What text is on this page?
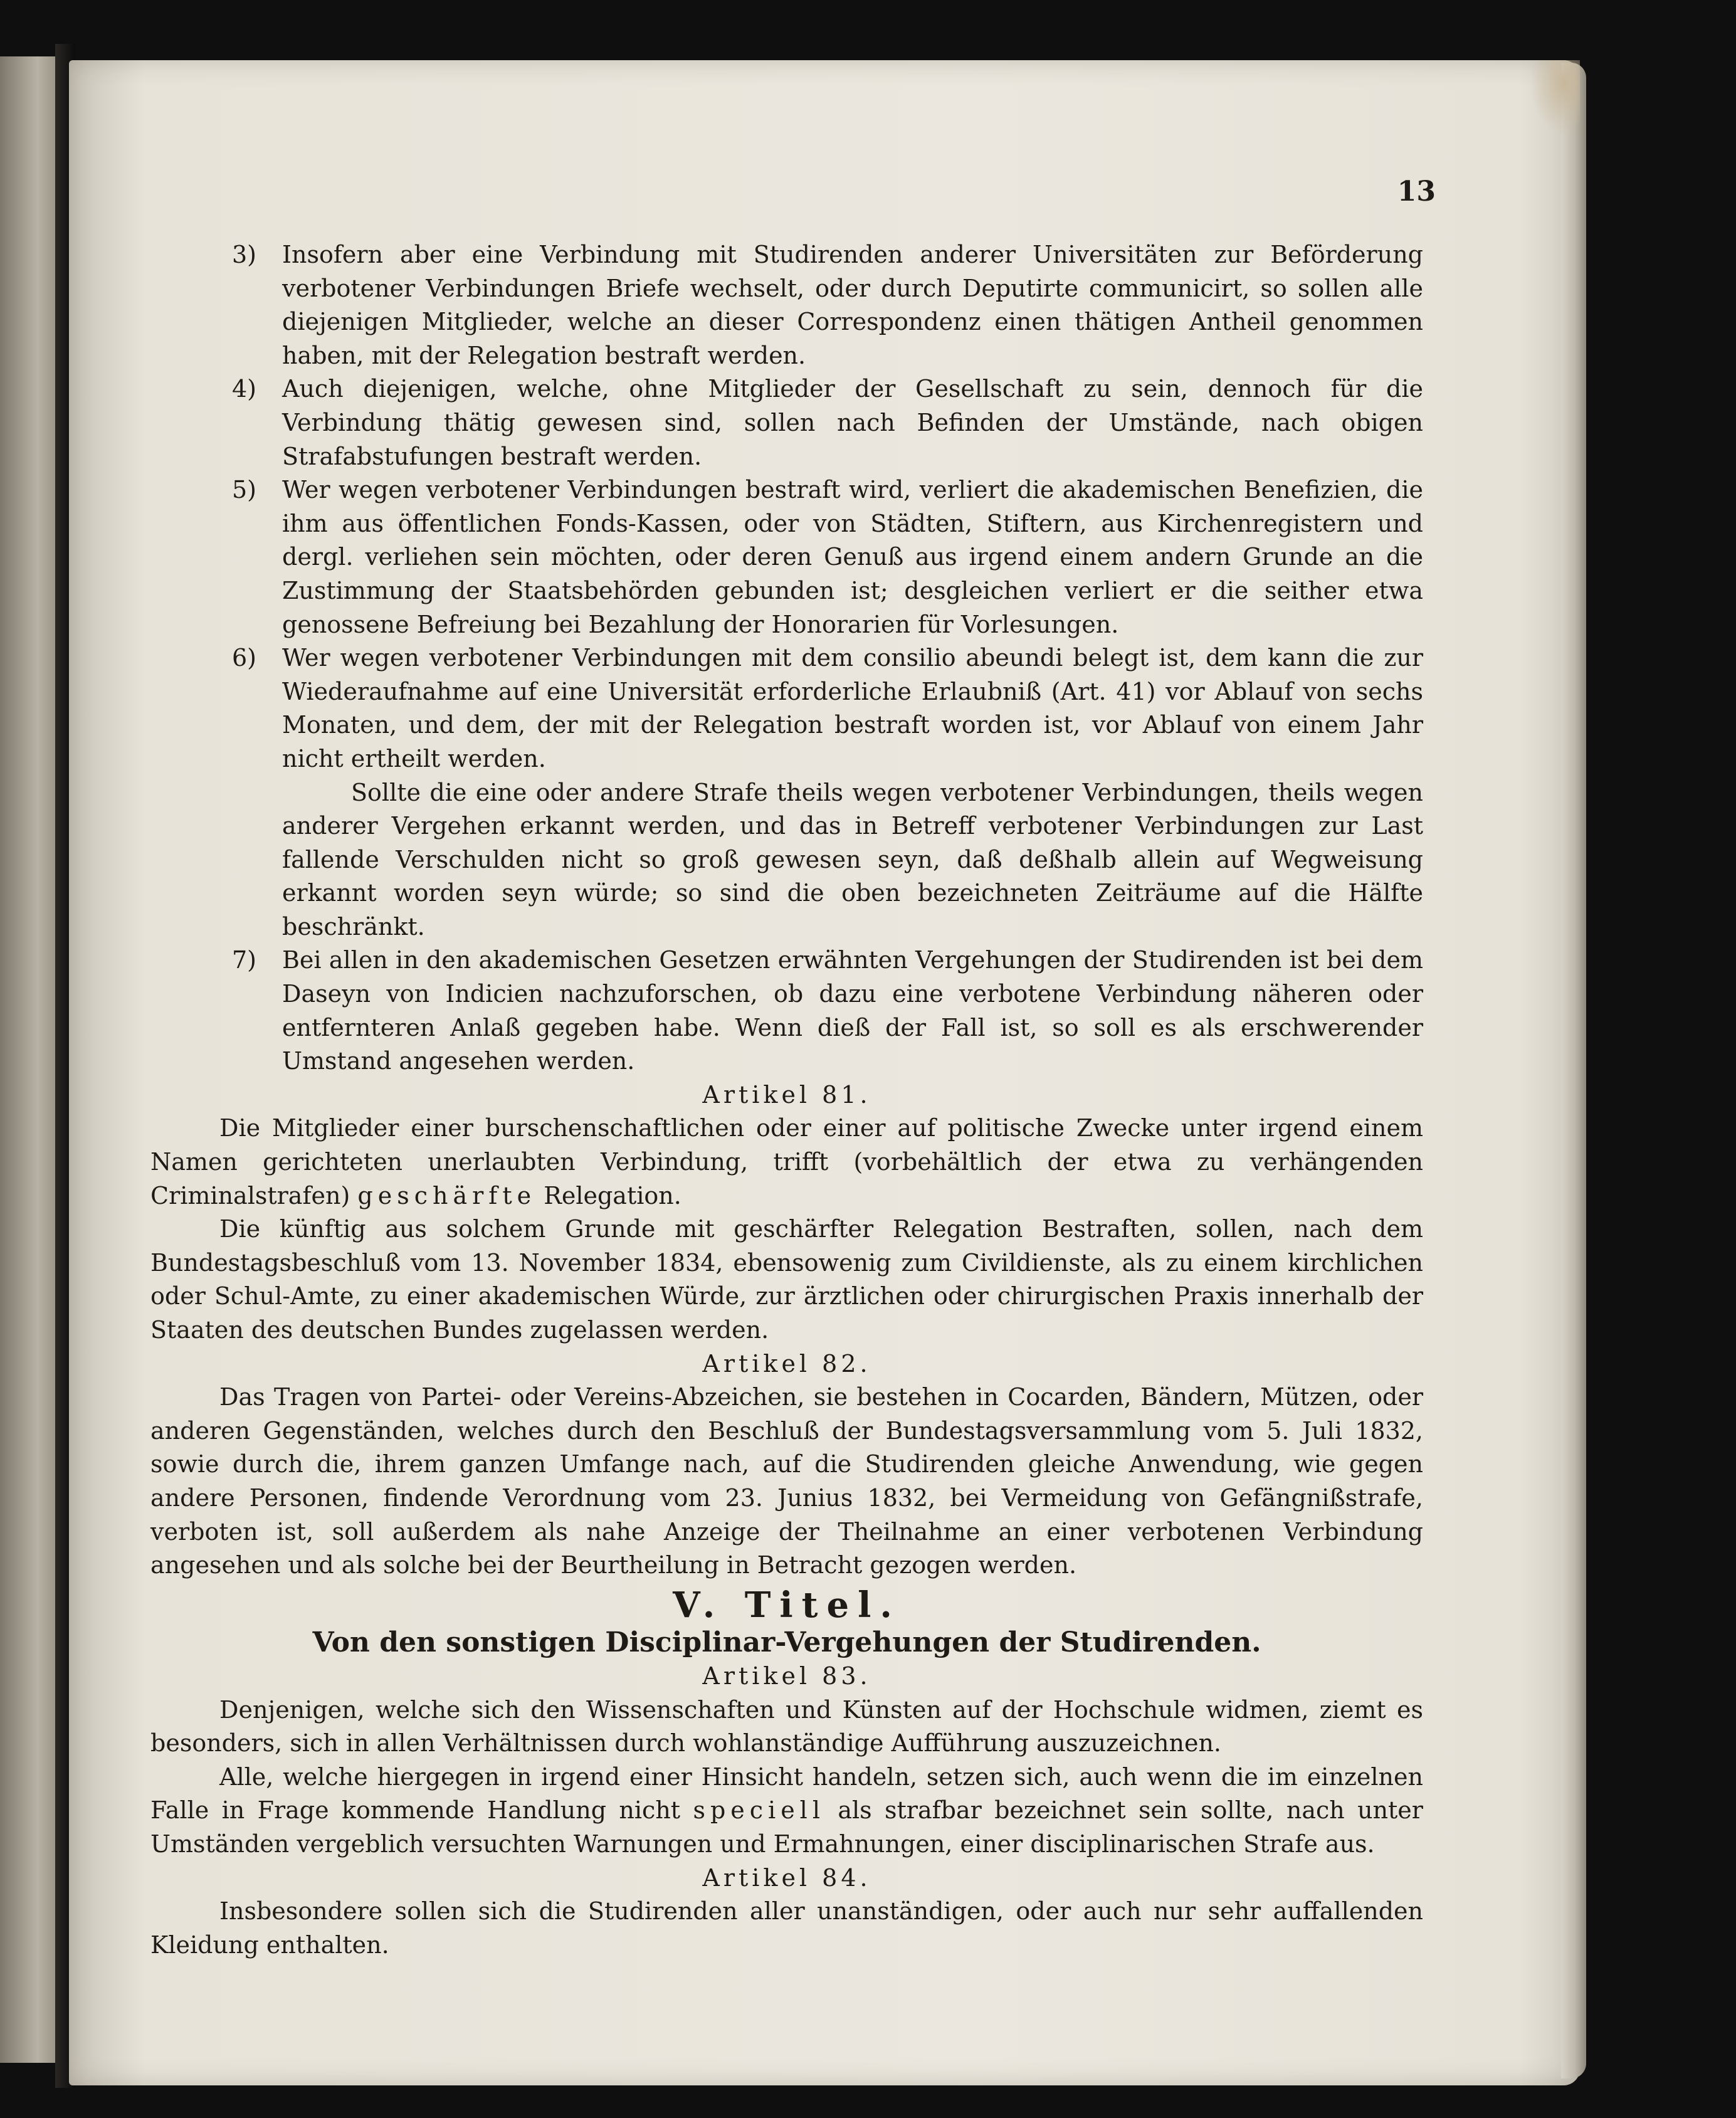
13
3)	Insofern aber eine Verbindung mit Studirenden anderer Universitäten zur Beförderung verbotener Verbindungen Briefe wechselt, oder durch Deputirte communicirt, so sollen alle diejenigen Mitglieder, welche an dieser Correspondenz einen thätigen Antheil genommen haben, mit der Relegation bestraft werden.
4)	Auch diejenigen, welche, ohne Mitglieder der Gesellschaft zu sein, dennoch für die Verbindung thätig gewesen sind, sollen nach Befinden der Umstände, nach obigen Strafabstufungen bestraft werden.
5)	Wer wegen verbotener Verbindungen bestraft wird, verliert die akademischen Benefizien, die ihm aus öffentlichen Fonds-Kassen, oder von Städten, Stiftern, aus Kirchenregistern und dergl. verliehen sein möchten, oder deren Genuß aus irgend einem andern Grunde an die Zustimmung der Staatsbehörden gebunden ist; desgleichen verliert er die seither etwa genossene Befreiung bei Bezahlung der Honorarien für Vorlesungen.
6)	Wer wegen verbotener Verbindungen mit dem consilio abeundi belegt ist, dem kann die zur Wiederaufnahme auf eine Universität erforderliche Erlaubniß (Art. 41) vor Ablauf von sechs Monaten, und dem, der mit der Relegation bestraft worden ist, vor Ablauf von einem Jahr nicht ertheilt werden.
Sollte die eine oder andere Strafe theils wegen verbotener Verbindungen, theils wegen anderer Vergehen erkannt werden, und das in Betreff verbotener Verbindungen zur Last fallende Verschulden nicht so groß gewesen seyn, daß deßhalb allein auf Wegweisung erkannt worden seyn würde; so sind die oben bezeichneten Zeiträume auf die Hälfte beschränkt.
7)	Bei allen in den akademischen Gesetzen erwähnten Vergehungen der Studirenden ist bei dem Daseyn von Indicien nachzuforschen, ob dazu eine verbotene Verbindung näheren oder entfernteren Anlaß gegeben habe. Wenn dieß der Fall ist, so soll es als erschwerender Umstand angesehen werden.

Artikel 81.

Die Mitglieder einer burschenschaftlichen oder einer auf politische Zwecke unter irgend einem Namen gerichteten unerlaubten Verbindung, trifft (vorbehältlich der etwa zu verhängenden Criminalstrafen) geschärfte Relegation.

Die künftig aus solchem Grunde mit geschärfter Relegation Bestraften, sollen, nach dem Bundestagsbeschluß vom 13. November 1834, ebensowenig zum Civildienste, als zu einem kirchlichen oder Schul-Amte, zu einer akademischen Würde, zur ärztlichen oder chirurgischen Praxis innerhalb der Staaten des deutschen Bundes zugelassen werden.

Artikel 82.

Das Tragen von Partei- oder Vereins-Abzeichen, sie bestehen in Cocarden, Bändern, Mützen, oder anderen Gegenständen, welches durch den Beschluß der Bundestagsversammlung vom 5. Juli 1832, sowie durch die, ihrem ganzen Umfange nach, auf die Studirenden gleiche Anwendung, wie gegen andere Personen, findende Verordnung vom 23. Junius 1832, bei Vermeidung von Gefängnißstrafe, verboten ist, soll außerdem als nahe Anzeige der Theilnahme an einer verbotenen Verbindung angesehen und als solche bei der Beurtheilung in Betracht gezogen werden.

V. Titel.

Von den sonstigen Disciplinar-Vergehungen der Studirenden.

Artikel 83.

Denjenigen, welche sich den Wissenschaften und Künsten auf der Hochschule widmen, ziemt es besonders, sich in allen Verhältnissen durch wohlanständige Aufführung auszuzeichnen.

Alle, welche hiergegen in irgend einer Hinsicht handeln, setzen sich, auch wenn die im einzelnen Falle in Frage kommende Handlung nicht speciell als strafbar bezeichnet sein sollte, nach unter Umständen vergeblich versuchten Warnungen und Ermahnungen, einer disciplinarischen Strafe aus.

Artikel 84.

Insbesondere sollen sich die Studirenden aller unanständigen, oder auch nur sehr auffallenden Kleidung enthalten.
